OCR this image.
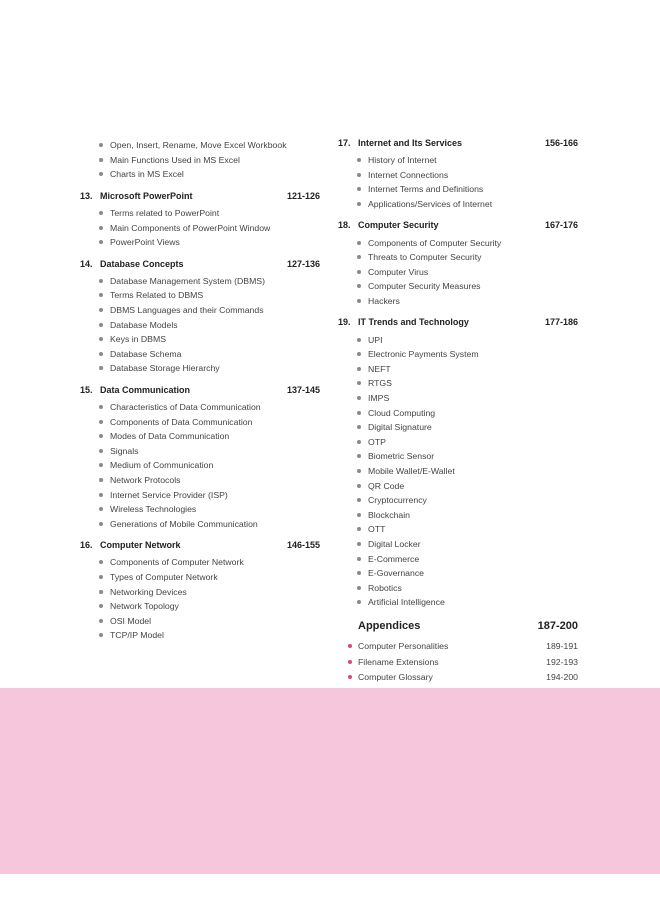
Open, Insert, Rename, Move Excel Workbook
Main Functions Used in MS Excel
Charts in MS Excel
13. Microsoft PowerPoint	121-126
Terms related to PowerPoint
Main Components of PowerPoint Window
PowerPoint Views
14. Database Concepts	127-136
Database Management System (DBMS)
Terms Related to DBMS
DBMS Languages and their Commands
Database Models
Keys in DBMS
Database Schema
Database Storage Hierarchy
15. Data Communication	137-145
Characteristics of Data Communication
Components of Data Communication
Modes of Data Communication
Signals
Medium of Communication
Network Protocols
Internet Service Provider (ISP)
Wireless Technologies
Generations of Mobile Communication
16. Computer Network	146-155
Components of Computer Network
Types of Computer Network
Networking Devices
Network Topology
OSI Model
TCP/IP Model
17. Internet and Its Services	156-166
History of Internet
Internet Connections
Internet Terms and Definitions
Applications/Services of Internet
18. Computer Security	167-176
Components of Computer Security
Threats to Computer Security
Computer Virus
Computer Security Measures
Hackers
19. IT Trends and Technology	177-186
UPI
Electronic Payments System
NEFT
RTGS
IMPS
Cloud Computing
Digital Signature
OTP
Biometric Sensor
Mobile Wallet/E-Wallet
QR Code
Cryptocurrency
Blockchain
OTT
Digital Locker
E-Commerce
E-Governance
Robotics
Artificial Intelligence
Appendices	187-200
Computer Personalities	189-191
Filename Extensions	192-193
Computer Glossary	194-200
